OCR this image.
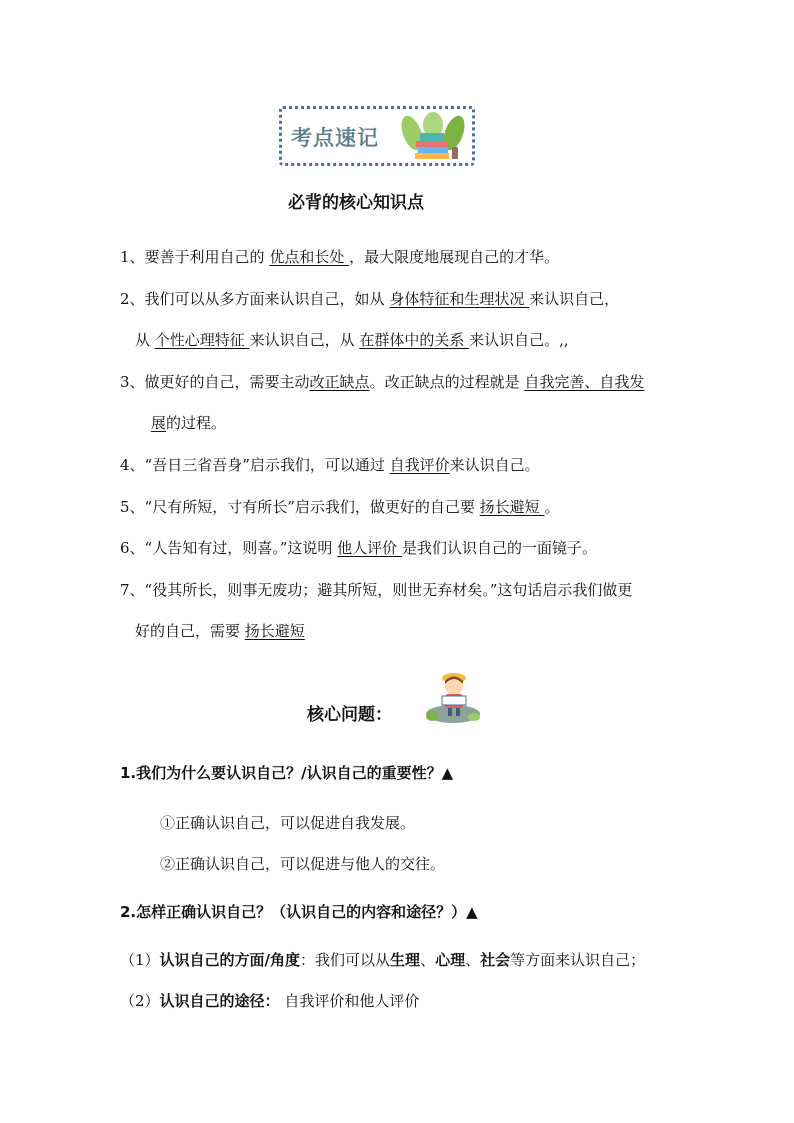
考点速记
必背的核心知识点
1、要善于利用自己的 优点和长处 ，最大限度地展现自己的才华。
2、我们可以从多方面来认识自己，如从 身体特征和生理状况 来认识自己，
从 个性心理特征 来认识自己，从 在群体中的关系 来认识自己。,,
3、做更好的自己，需要主动改正缺点。改正缺点的过程就是 自我完善、自我发
展的过程。
4、“吾日三省吾身”启示我们，可以通过 自我评价来认识自己。
5、“尺有所短，寸有所长”启示我们，做更好的自己要 扬长避短 。
6、“人告知有过，则喜。”这说明 他人评价 是我们认识自己的一面镜子。
7、“役其所长，则事无废功；避其所短，则世无弃材矣。”这句话启示我们做更
好的自己，需要 扬长避短
核心问题：
1.我们为什么要认识自己？/认识自己的重要性？▲
①正确认识自己，可以促进自我发展。
②正确认识自己，可以促进与他人的交往。
2.怎样正确认识自己？（认识自己的内容和途径？）▲
（1）认识自己的方面/角度：我们可以从生理、心理、社会等方面来认识自己；
（2）认识自己的途径： 自我评价和他人评价
